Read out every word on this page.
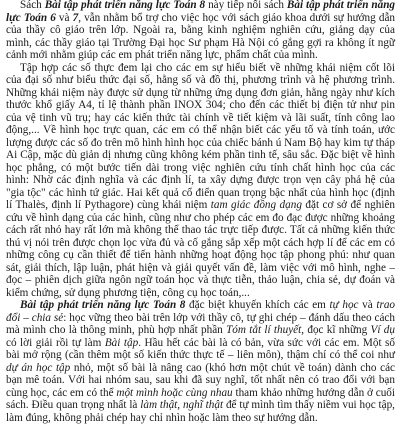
Sách Bài tập phát triển năng lực Toán 8 này tiếp nối sách Bài tập phát triển năng lực Toán 6 và 7, vẫn nhằm bổ trợ cho việc học với sách giáo khoa dưới sự hướng dẫn của thầy cô giáo trên lớp. Ngoài ra, bằng kinh nghiệm nghiên cứu, giảng dạy của mình, các thầy giáo tại Trường Đại học Sư phạm Hà Nội có gắng gợi ra không ít ngữ cảnh mới nhằm giúp các em phát triển năng lực, phẩm chất của mình.

Tập hợp các số thực đem lại cho các em sự hiểu biết về những khái niệm cốt lõi của đại số như biểu thức đại số, hằng số và đồ thị, phương trình và hệ phương trình. Những khái niệm này được sử dụng từ những ứng dụng đơn giản, hằng ngày như kích thước khổ giấy A4, tỉ lệ thành phần INOX 304; cho đến các thiết bị điện tử như pin của vệ tinh vũ trụ; hay các kiến thức tài chính về tiết kiệm và lãi suất, tính công lao động,... Về hình học trực quan, các em có thể nhận biết các yếu tố và tính toán, ước lượng được các số đo trên mô hình hình học của chiếc bánh ú Nam Bộ hay kim tự tháp Ai Cập, mặc dù giản dị nhưng cũng không kém phần tinh tế, sâu sắc. Đặc biệt về hình học phẳng, có một bước tiến dài trong việc nghiên cứu tính chất hình học của các hình: Nhờ các định nghĩa và các định lí, ta xây dựng được trọn vẹn cây phả hệ của "gia tộc" các hình tứ giác. Hai kết quả cổ điển quan trọng bậc nhất của hình học (định lí Thalès, định lí Pythagore) cùng khái niệm tam giác đồng dạng đặt cơ sở để nghiên cứu về hình dạng của các hình, cũng như cho phép các em đo đạc được những khoảng cách rất nhỏ hay rất lớn mà không thể thao tác trực tiếp được. Tất cả những kiến thức thú vị nói trên được chọn lọc vừa đủ và cố gắng sắp xếp một cách hợp lí để các em có những công cụ cần thiết để tiến hành những hoạt động học tập phong phú: như quan sát, giải thích, lập luận, phát hiện và giải quyết vấn đề, làm việc với mô hình, nghe – đọc – phiên dịch giữa ngôn ngữ toán học và thực tiễn, thảo luận, chia sẻ, dự đoán và kiểm chứng, sử dụng phương tiện, công cụ học toán,...

Bài tập phát triển năng lực Toán 8 đặc biệt khuyến khích các em tự học và trao đổi – chia sẻ: học vững theo bài trên lớp với thầy cô, tự ghi chép – đánh dấu theo cách mà mình cho là thông minh, phù hợp nhất phần Tóm tắt lí thuyết, đọc kĩ những Ví dụ có lời giải rồi tự làm Bài tập. Hầu hết các bài là có bản, vừa sức với các em. Một số bài mở rộng (cần thêm một số kiến thức thực tế – liên môn), thậm chí có thể coi như dự án học tập nhỏ, một số bài là nâng cao (khó hơn một chút về toán) dành cho các bạn mê toán. Với hai nhóm sau, sau khi đã suy nghĩ, tốt nhất nên có trao đổi với bạn cùng học, các em có thể một mình hoặc cùng nhau tham khảo những hướng dẫn ở cuối sách. Điều quan trọng nhất là làm thật, nghĩ thật để tự mình tìm thấy niềm vui học tập, làm đúng, không phải chép hay chỉ nhìn hoặc làm theo sự hướng dẫn.
